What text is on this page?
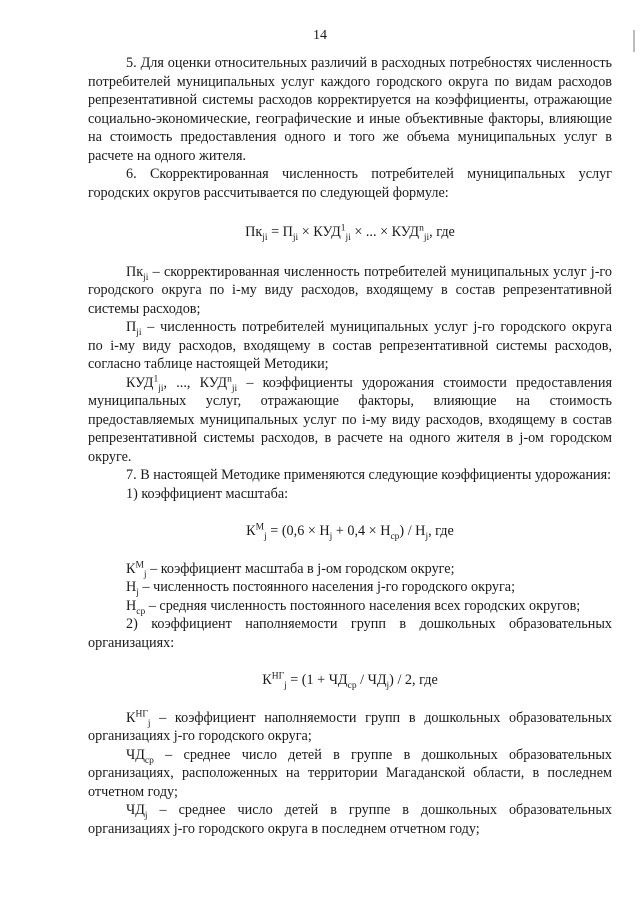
14

5. Для оценки относительных различий в расходных потребностях численность потребителей муниципальных услуг каждого городского округа по видам расходов репрезентативной системы расходов корректируется на коэффициенты, отражающие социально-экономические, географические и иные объективные факторы, влияющие на стоимость предоставления одного и того же объема муниципальных услуг в расчете на одного жителя.

6. Скорректированная численность потребителей муниципальных услуг городских округов рассчитывается по следующей формуле:

$Пк_{ji} = П_{ji} \times КУД^1_{ji}$ × ... × $КУД^n_{ji}$, где

$Пк_{ji}$ – скорректированная численность потребителей муниципальных услуг j-го городского округа по i-му виду расходов, входящему в состав репрезентативной системы расходов;

$П_{ji}$ – численность потребителей муниципальных услуг j-го городского округа по i-му виду расходов, входящему в состав репрезентативной системы расходов, согласно таблице настоящей Методики;

$КУД^1_{ji}$, ..., $КУД^n_{ji}$ – коэффициенты удорожания стоимости предоставления муниципальных услуг, отражающие факторы, влияющие на стоимость предоставляемых муниципальных услуг по i-му виду расходов, входящему в состав репрезентативной системы расходов, в расчете на одного жителя в j-ом городском округе.

7. В настоящей Методике применяются следующие коэффициенты удорожания:

1) коэффициент масштаба:

$К^М_j = (0,6 \times Н_j + 0,4 \times Н_{ср}) / Н_j$, где

$К^М_j$ – коэффициент масштаба в j-ом городском округе;

$Н_j$ – численность постоянного населения j-го городского округа;

$Н_{ср}$ – средняя численность постоянного населения всех городских округов;

2) коэффициент наполняемости групп в дошкольных образовательных организациях:

$К^{НГ}_j = (1 + ЧД_{ср} / ЧД_j) / 2$, где

$К^{НГ}_j$ – коэффициент наполняемости групп в дошкольных образовательных организациях j-го городского округа;

$ЧД_{ср}$ – среднее число детей в группе в дошкольных образовательных организациях, расположенных на территории Магаданской области, в последнем отчетном году;

$ЧД_j$ – среднее число детей в группе в дошкольных образовательных организациях j-го городского округа в последнем отчетном году;
